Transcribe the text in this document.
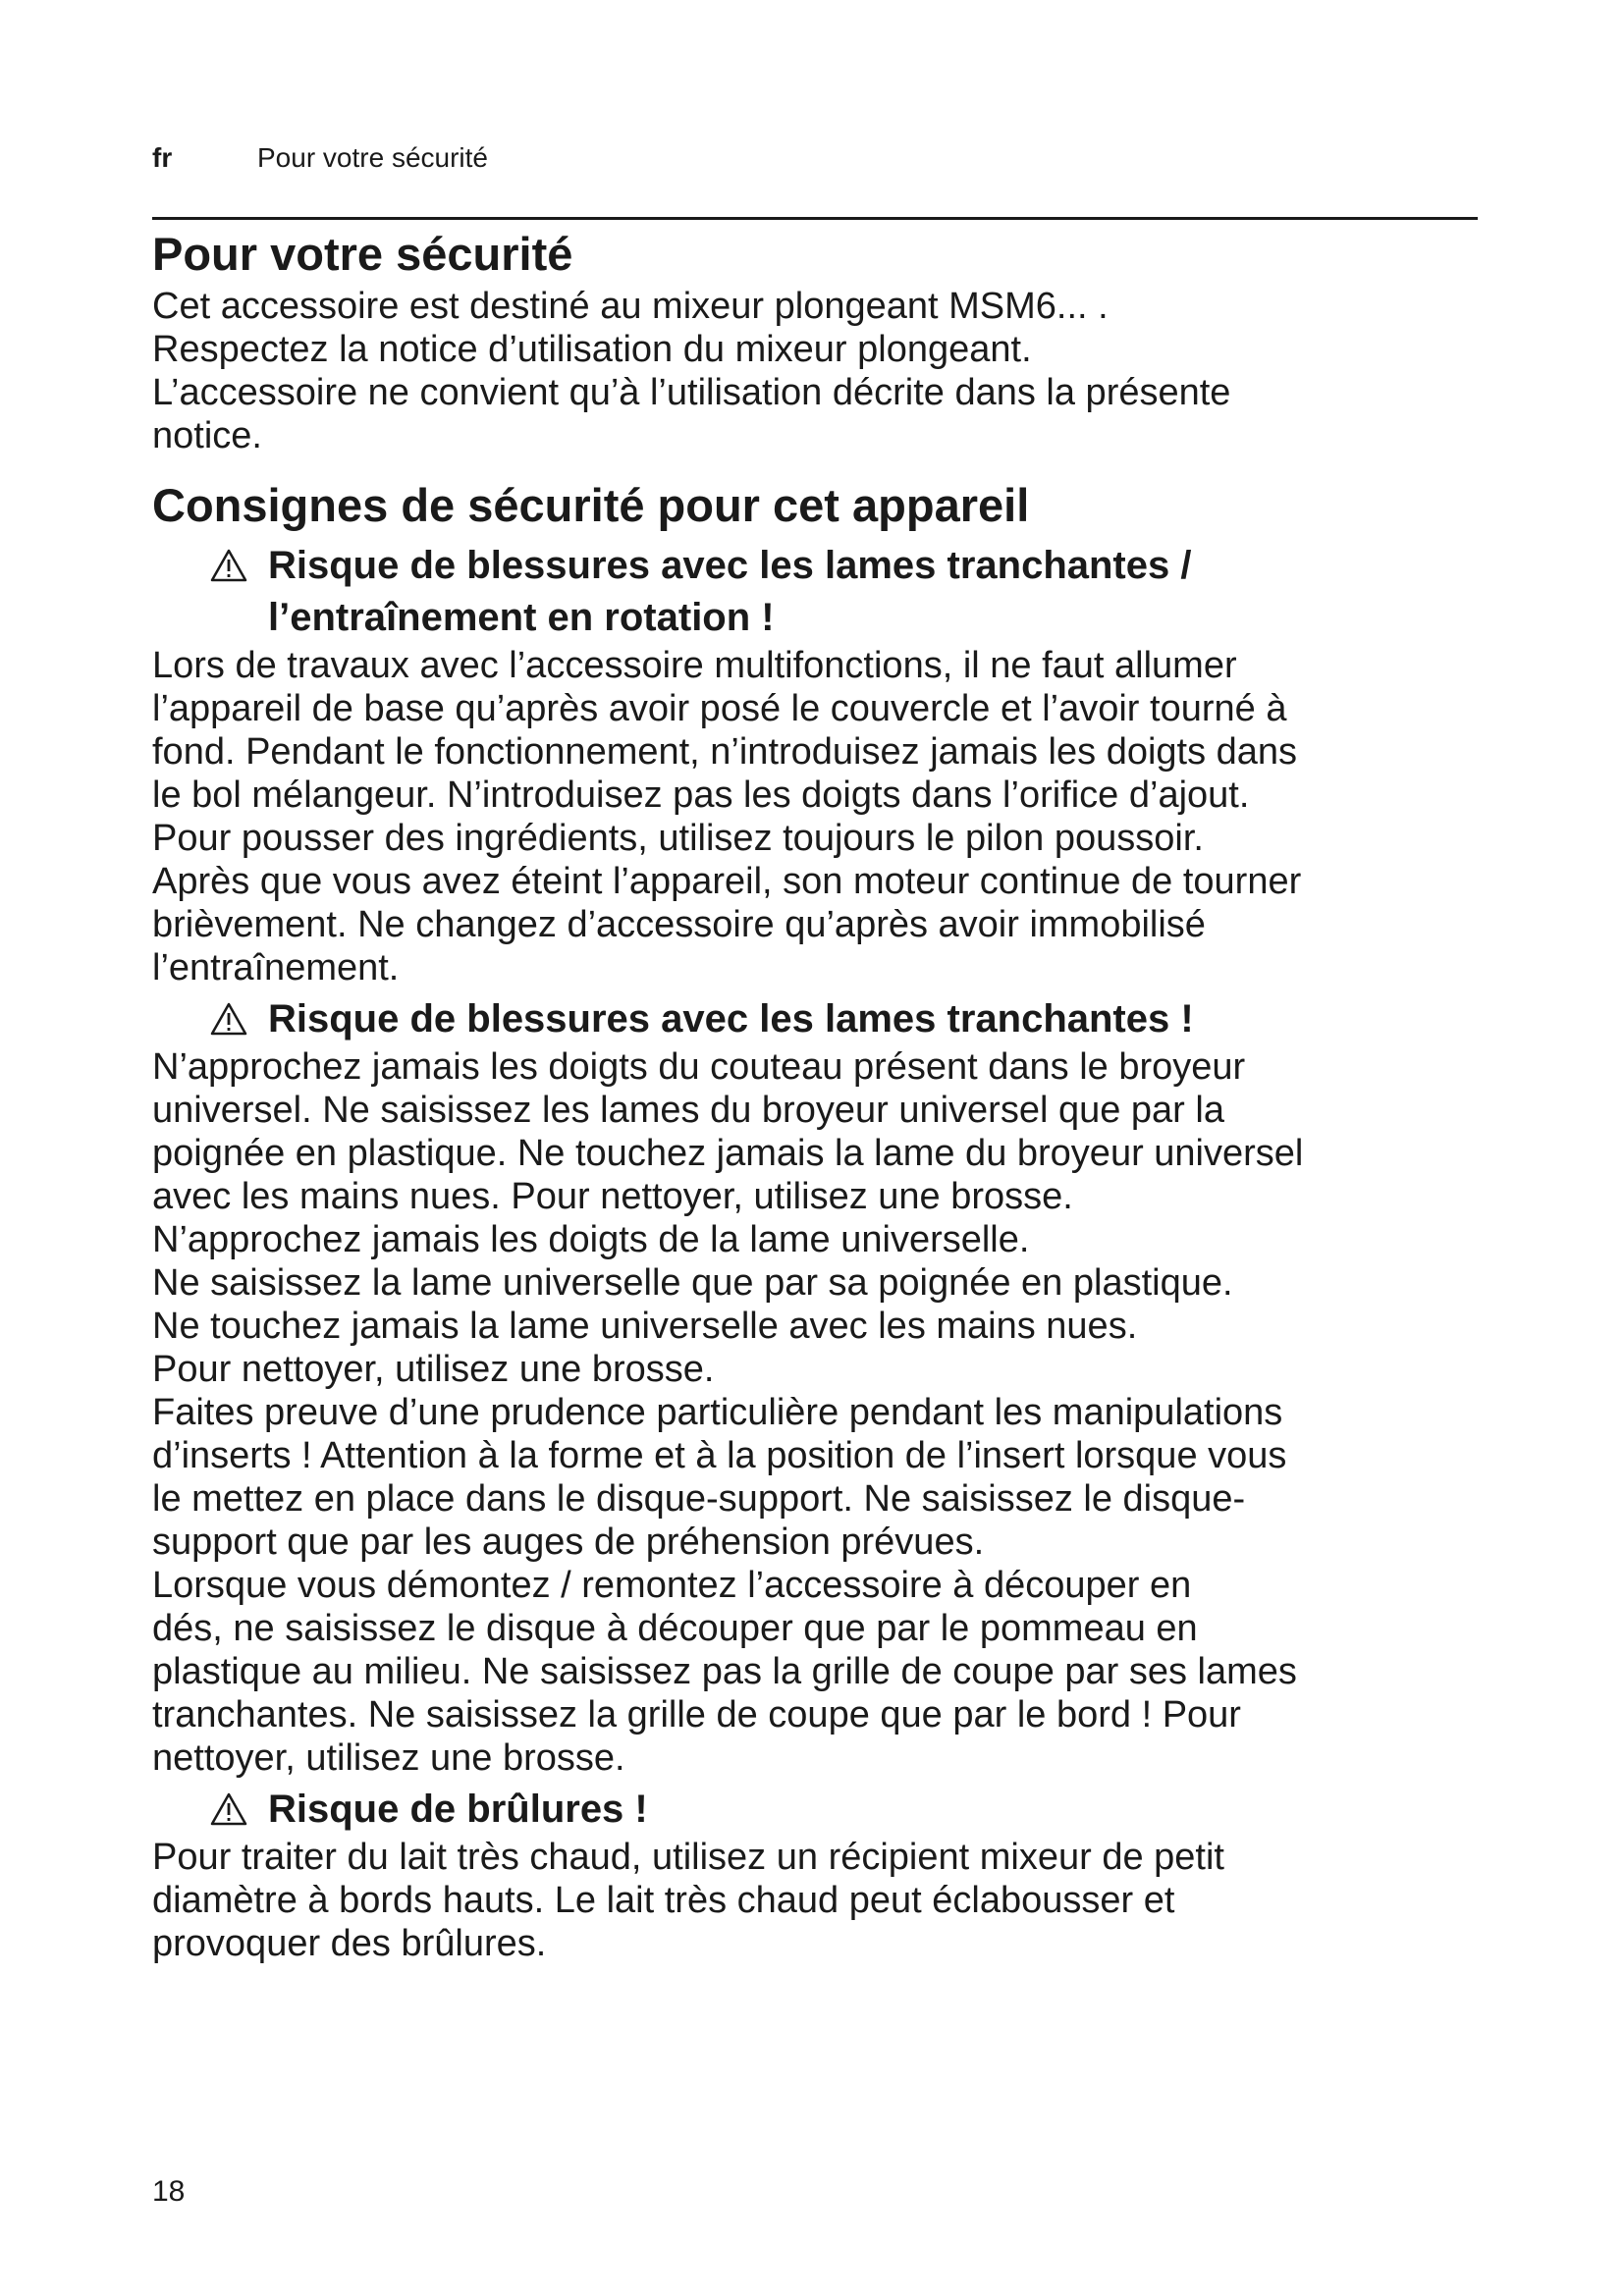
fr	Pour votre sécurité
Pour votre sécurité

Cet accessoire est destiné au mixeur plongeant MSM6... .
Respectez la notice d’utilisation du mixeur plongeant.
L’accessoire ne convient qu’à l’utilisation décrite dans la présente
notice.

Consignes de sécurité pour cet appareil
Risque de blessures avec les lames tranchantes /
l’entraînement en rotation !

Lors de travaux avec l’accessoire multifonctions, il ne faut allumer
l’appareil de base qu’après avoir posé le couvercle et l’avoir tourné à
fond. Pendant le fonctionnement, n’introduisez jamais les doigts dans
le bol mélangeur. N’introduisez pas les doigts dans l’orifice d’ajout.
Pour pousser des ingrédients, utilisez toujours le pilon poussoir.
Après que vous avez éteint l’appareil, son moteur continue de tourner
brièvement. Ne changez d’accessoire qu’après avoir immobilisé
l’entraînement.

Risque de blessures avec les lames tranchantes !

N’approchez jamais les doigts du couteau présent dans le broyeur
universel. Ne saisissez les lames du broyeur universel que par la
poignée en plastique. Ne touchez jamais la lame du broyeur universel
avec les mains nues. Pour nettoyer, utilisez une brosse.
N’approchez jamais les doigts de la lame universelle.
Ne saisissez la lame universelle que par sa poignée en plastique.
Ne touchez jamais la lame universelle avec les mains nues.
Pour nettoyer, utilisez une brosse.
Faites preuve d’une prudence particulière pendant les manipulations
d’inserts ! Attention à la forme et à la position de l’insert lorsque vous
le mettez en place dans le disque-support. Ne saisissez le disque-
support que par les auges de préhension prévues.
Lorsque vous démontez / remontez l’accessoire à découper en
dés, ne saisissez le disque à découper que par le pommeau en
plastique au milieu. Ne saisissez pas la grille de coupe par ses lames
tranchantes. Ne saisissez la grille de coupe que par le bord ! Pour
nettoyer, utilisez une brosse.

Risque de brûlures !

Pour traiter du lait très chaud, utilisez un récipient mixeur de petit
diamètre à bords hauts. Le lait très chaud peut éclabousser et
provoquer des brûlures.

18
